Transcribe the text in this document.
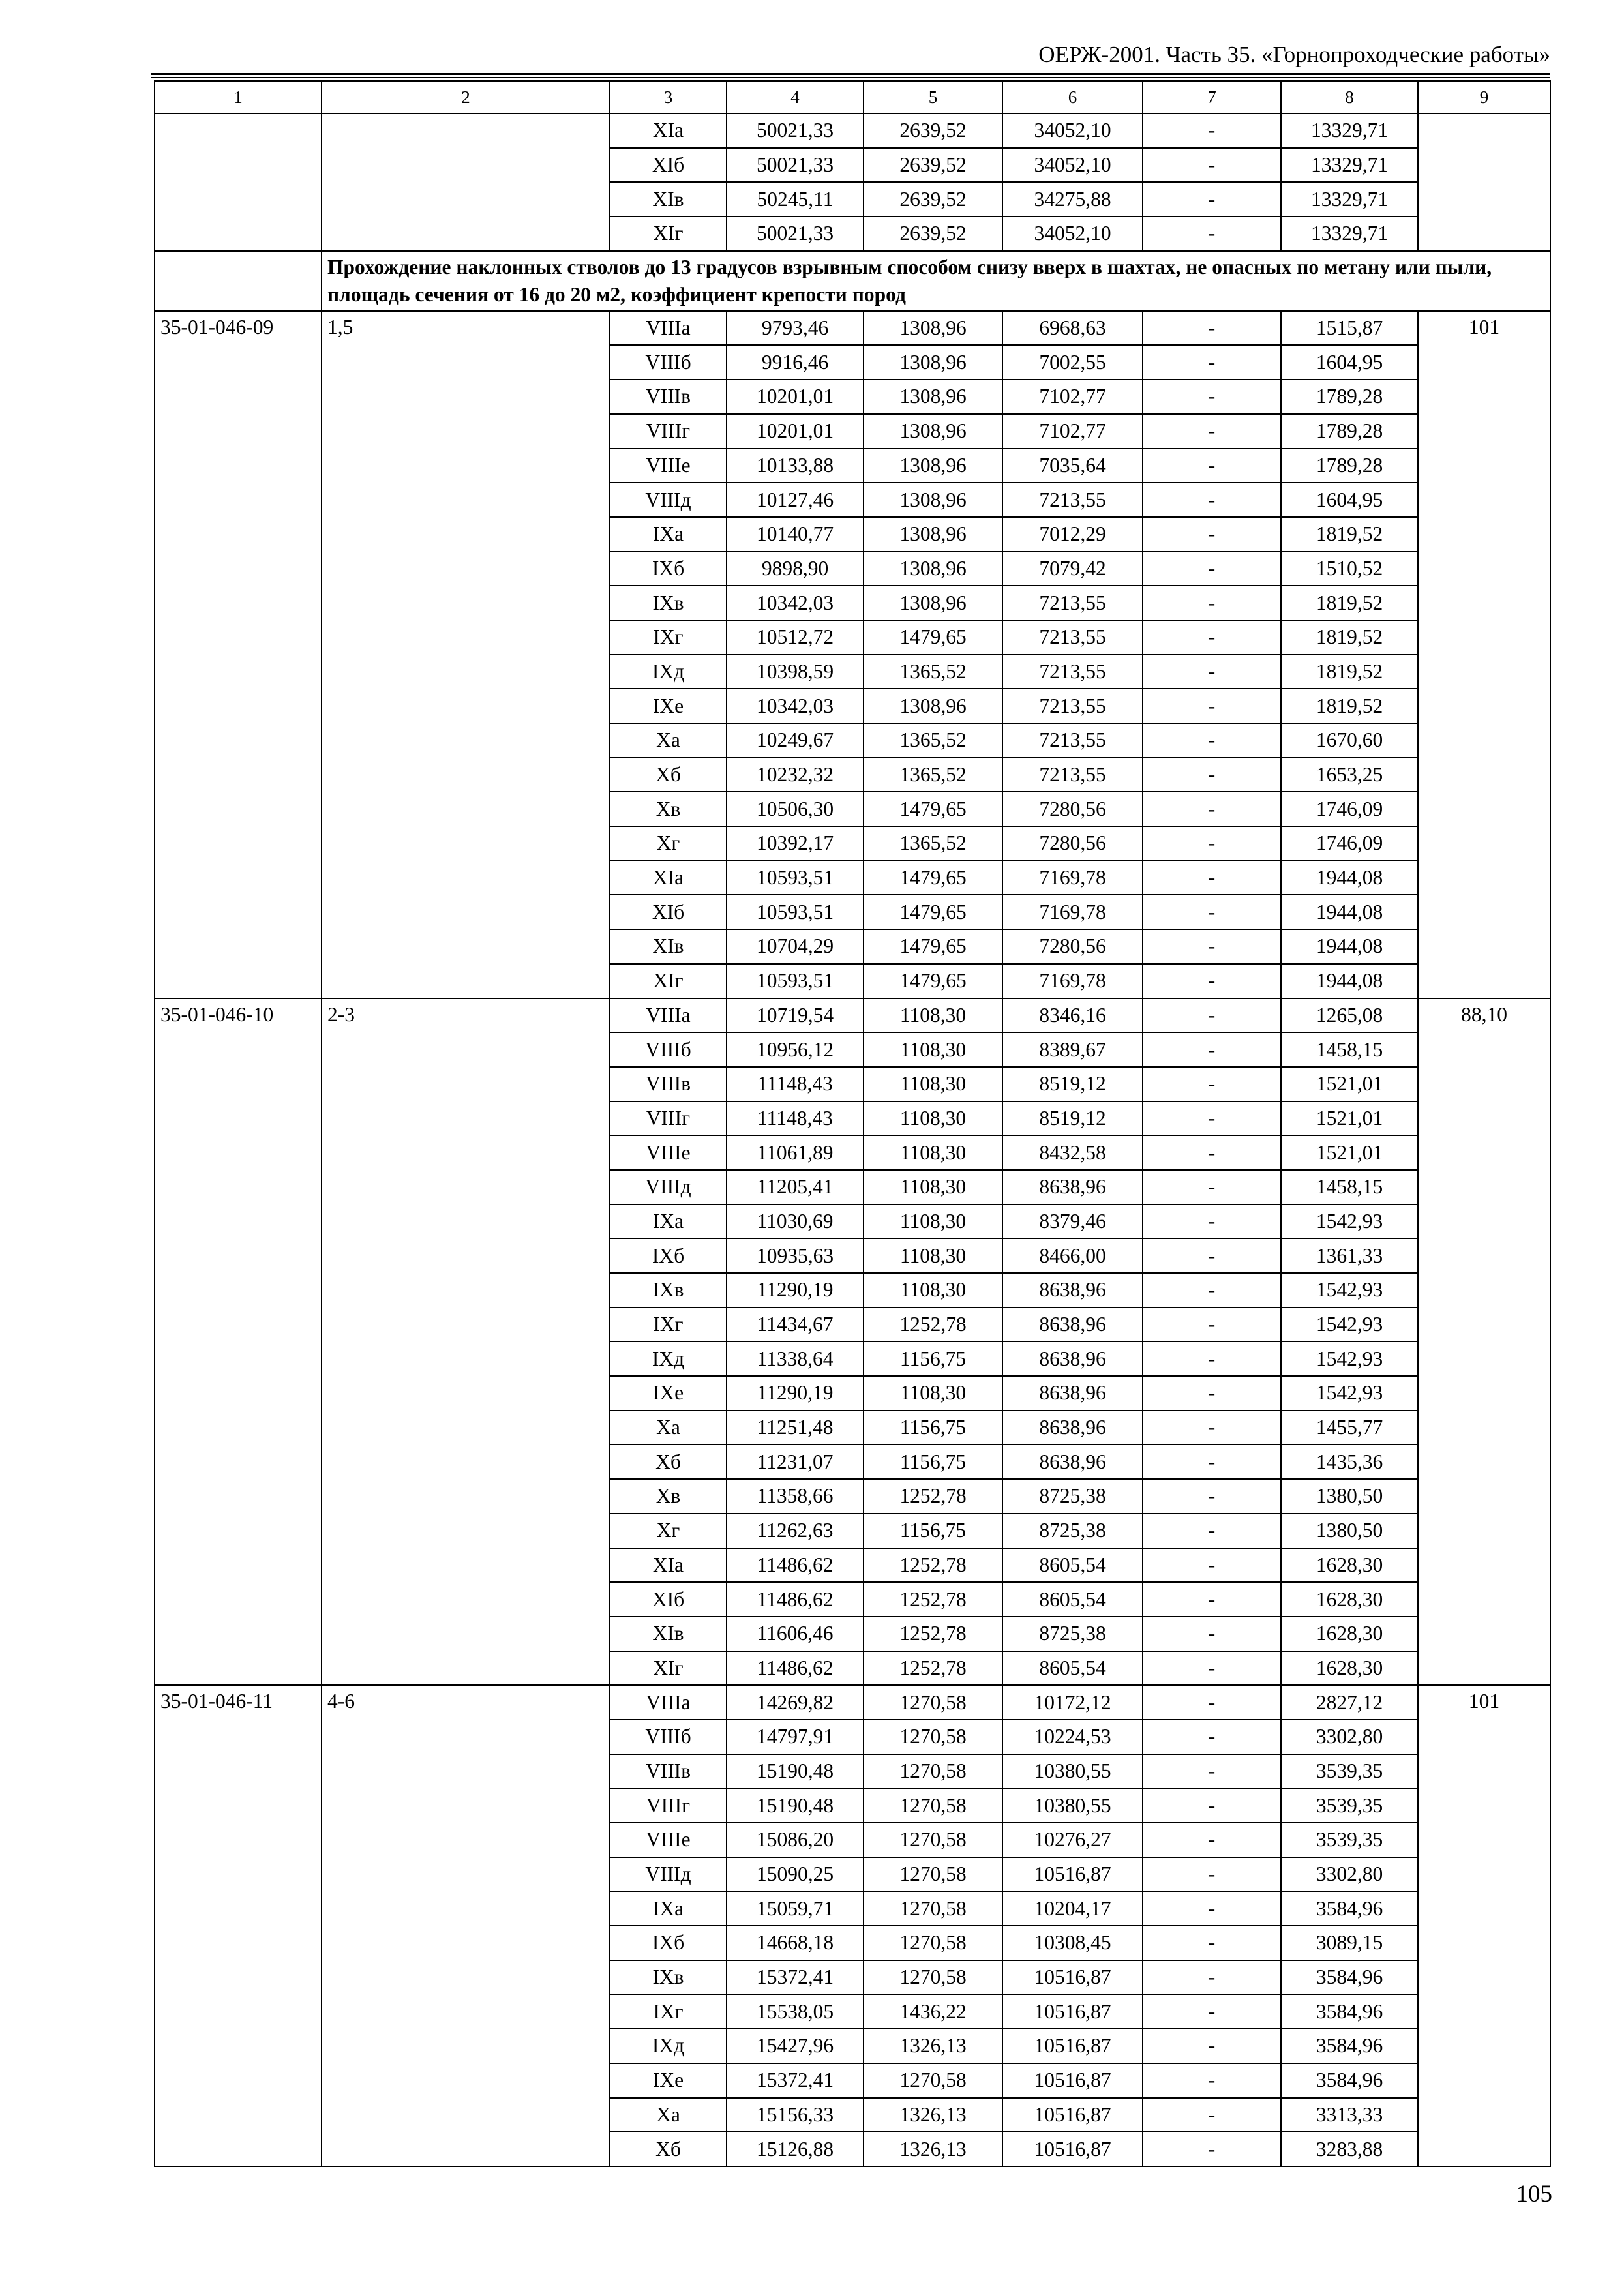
ОЕРЖ-2001. Часть 35. «Горнопроходческие работы»
1	2	3	4	5	6	7	8	9
		XIа	50021,33	2639,52	34052,10	-	13329,71	
		XIб	50021,33	2639,52	34052,10	-	13329,71	
		XIв	50245,11	2639,52	34275,88	-	13329,71	
		XIг	50021,33	2639,52	34052,10	-	13329,71	
	Прохождение наклонных стволов до 13 градусов взрывным способом снизу вверх в шахтах, не опасных по метану или пыли, площадь сечения от 16 до 20 м2, коэффициент крепости пород							
35-01-046-09	1,5	VIIIа	9793,46	1308,96	6968,63	-	1515,87	101
		VIIIб	9916,46	1308,96	7002,55	-	1604,95	
		VIIIв	10201,01	1308,96	7102,77	-	1789,28	
		VIIIг	10201,01	1308,96	7102,77	-	1789,28	
		VIIIе	10133,88	1308,96	7035,64	-	1789,28	
		VIIIд	10127,46	1308,96	7213,55	-	1604,95	
		IXа	10140,77	1308,96	7012,29	-	1819,52	
		IXб	9898,90	1308,96	7079,42	-	1510,52	
		IXв	10342,03	1308,96	7213,55	-	1819,52	
		IXг	10512,72	1479,65	7213,55	-	1819,52	
		IXд	10398,59	1365,52	7213,55	-	1819,52	
		IXе	10342,03	1308,96	7213,55	-	1819,52	
		Xа	10249,67	1365,52	7213,55	-	1670,60	
		Xб	10232,32	1365,52	7213,55	-	1653,25	
		Xв	10506,30	1479,65	7280,56	-	1746,09	
		Xг	10392,17	1365,52	7280,56	-	1746,09	
		XIа	10593,51	1479,65	7169,78	-	1944,08	
		XIб	10593,51	1479,65	7169,78	-	1944,08	
		XIв	10704,29	1479,65	7280,56	-	1944,08	
		XIг	10593,51	1479,65	7169,78	-	1944,08	
35-01-046-10	2-3	VIIIа	10719,54	1108,30	8346,16	-	1265,08	88,10
		VIIIб	10956,12	1108,30	8389,67	-	1458,15	
		VIIIв	11148,43	1108,30	8519,12	-	1521,01	
		VIIIг	11148,43	1108,30	8519,12	-	1521,01	
		VIIIе	11061,89	1108,30	8432,58	-	1521,01	
		VIIIд	11205,41	1108,30	8638,96	-	1458,15	
		IXа	11030,69	1108,30	8379,46	-	1542,93	
		IXб	10935,63	1108,30	8466,00	-	1361,33	
		IXв	11290,19	1108,30	8638,96	-	1542,93	
		IXг	11434,67	1252,78	8638,96	-	1542,93	
		IXд	11338,64	1156,75	8638,96	-	1542,93	
		IXе	11290,19	1108,30	8638,96	-	1542,93	
		Xа	11251,48	1156,75	8638,96	-	1455,77	
		Xб	11231,07	1156,75	8638,96	-	1435,36	
		Xв	11358,66	1252,78	8725,38	-	1380,50	
		Xг	11262,63	1156,75	8725,38	-	1380,50	
		XIа	11486,62	1252,78	8605,54	-	1628,30	
		XIб	11486,62	1252,78	8605,54	-	1628,30	
		XIв	11606,46	1252,78	8725,38	-	1628,30	
		XIг	11486,62	1252,78	8605,54	-	1628,30	
35-01-046-11	4-6	VIIIа	14269,82	1270,58	10172,12	-	2827,12	101
		VIIIб	14797,91	1270,58	10224,53	-	3302,80	
		VIIIв	15190,48	1270,58	10380,55	-	3539,35	
		VIIIг	15190,48	1270,58	10380,55	-	3539,35	
		VIIIе	15086,20	1270,58	10276,27	-	3539,35	
		VIIIд	15090,25	1270,58	10516,87	-	3302,80	
		IXа	15059,71	1270,58	10204,17	-	3584,96	
		IXб	14668,18	1270,58	10308,45	-	3089,15	
		IXв	15372,41	1270,58	10516,87	-	3584,96	
		IXг	15538,05	1436,22	10516,87	-	3584,96	
		IXд	15427,96	1326,13	10516,87	-	3584,96	
		IXе	15372,41	1270,58	10516,87	-	3584,96	
		Xа	15156,33	1326,13	10516,87	-	3313,33	
		Xб	15126,88	1326,13	10516,87	-	3283,88	
105
